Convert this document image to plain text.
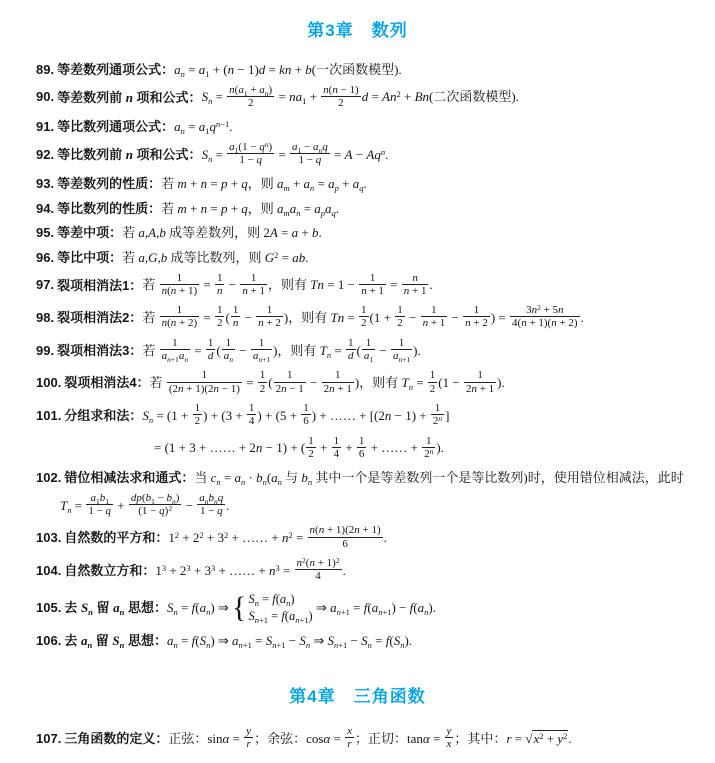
第3章　数列
89. 等差数列通项公式：$a_n = a_1 + (n - 1)d$ = kn + b(一次函数模型).
90. 等差数列前 n 项和公式：$S_n = \frac{n(a_1 + a_n)}{2} = na_1 + \frac{n(n - 1)}{2}$ $d = An^2 + Bn$(二次函数模型).
91. 等比数列通项公式：$a_n = a_1q^{n-1}$.
92. 等比数列前 n 项和公式：$S_n = \frac{a_1(1 - q^n)}{1 - q} = a_1 - a_nq$
$1 - q = A - Aq^n$.
93. 等差数列的性质：若 m + n = p + q，则 $a_m + a_n = a_p + a_q$.
94. 等比数列的性质：若 m + n = p + q，则 $a_ma_n = a_pa_q$.
95. 等差中项：若 a,A,b 成等差数列，则 2A = a + b.
96. 等比中项：若 a,G,b 成等比数列，则 $G^2$ = ab.
97. 裂项相消法1：若 $\frac{1}{n(n + 1)} = \frac{1}{n} - \frac{1}{n + 1}$ ，则有 $Tn = 1 - \frac{1}{n + 1} = \frac{n}{n + 1}$ .
98. 裂项相消法2：若 $\frac{1}{n(n + 2)} = \frac{1}{2}$ ( $\frac{1}{n} - \frac{1}{n + 2}$ )，则有 $Tn = \frac{1}{2} (1 + \frac{1}{2} - \frac{1}{n + 1} - \frac{1}{n + 2}$ ) = $\frac{3n^2 + 5n}{4(n + 1)(n + 2)}$ .
99. 裂项相消法3：若 $\frac{1}{a_{n+1}a_n} = \frac{1}{d}$ ( $\frac{1}{a_n} - \frac{1}{a_{n+1}}$ )，则有 $T_n = \frac{1}{d}$ ( $\frac{1}{a_1} - \frac{1}{a_{n+1}}$ ).
100. 裂项相消法4：若 $\frac{1}{(2n + 1)(2n - 1)} = \frac{1}{2}$ ( $\frac{1}{2n - 1} - \frac{1}{2n + 1}$ )，则有 $T_n = \frac{1}{2} (1 - \frac{1}{2n + 1}$ ).
101. 分组求和法：$S_n = (1 + \frac{1}{2}$ ) + ($3 + \frac{1}{4}$ ) + ($5 + \frac{1}{6}$ ) + …… + [$(2n - 1) + \frac{1}{2^n}$ ]
= (1 + 3 + …… + 2n − 1) + ( $\frac{1}{2} + \frac{1}{4} + \frac{1}{6}$ + …… + $\frac{1}{2^n}$ ).
102. 错位相减法求和通式：当 $c_n = a_n \cdot b_n(a_n$ 与 $b_n$ 其中一个是等差数列一个是等比数列)时，使用错位相减法，此时
$T_n = \frac{a_1b_1}{1 - q} + \frac{dp(b_1 - b_n)}{(1 - q)^2} - a_nb_nq$
1 − q .
103. 自然数的平方和：$1^2 + 2^2 + 3^2$ + …… + $n^2 = \frac{n(n + 1)(2n + 1)}{6}$ .
104. 自然数立方和：$1^3 + 2^3 + 3^3$ + …… + $n^3 = \frac{n^2(n + 1)^2}{4}$ .
105. 去 $S_n$ 留 $a_n$ 思想：$S_n = f(a_n)$ ⇒ { $S_n = f(a_n)$
$S_{n+1} = f(a_{n+1})$
⇒ $a_{n+1} = f(a_{n+1}) - f(a_n)$.
106. 去 $a_n$ 留 $S_n$ 思想：$a_n = f(S_n)$ ⇒ $a_{n+1} = S_{n+1} - S_n$ ⇒ $S_{n+1} - S_n = f(S_n)$.
第4章　三角函数
107. 三角函数的定义：正弦：$\sin\alpha = \frac{y}{r}$ ；余弦：$\cos\alpha = \frac{x}{r}$ ；正切：$\tan\alpha = \frac{y}{x}$ ；其中：$r = √x^2 + y^2$.
